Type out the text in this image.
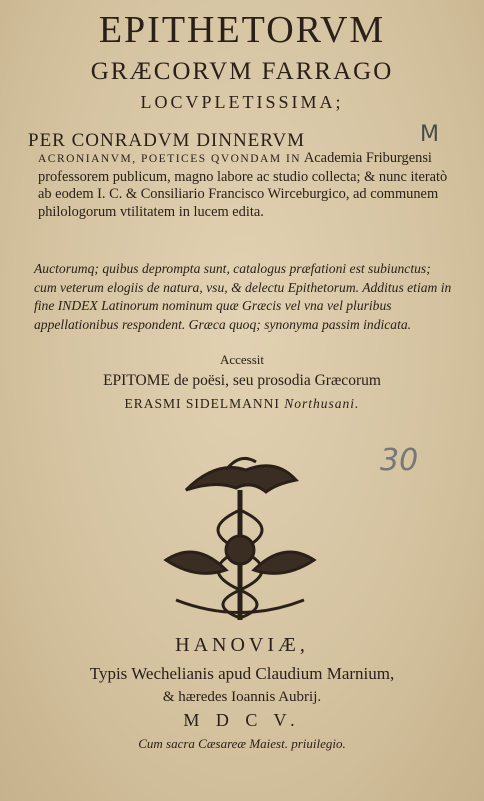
EPITHETORVM
GRÆCORVM FARRAGO
LOCVPLETISSIMA;
PER CONRADVM DINNERVM	M
ACRONIANVM, POETICES QVONDAM IN Academia Friburgensi professorem publicum, magno labore ac studio collecta; & nunc iteratò ab eodem I. C. & Consiliario Francisco Wirceburgico, ad communem philologorum vtilitatem in lucem edita.
Auctorumq; quibus deprompta sunt, catalogus præfationi est subiunctus; cum veterum elogiis de natura, vsu, & delectu Epithetorum. Additus etiam in fine INDEX Latinorum nominum quæ Græcis vel vna vel pluribus appellationibus respondent. Græca quoq; synonyma passim indicata.
Accessit
EPITOME de poësi, seu prosodia Græcorum
ERASMI SIDELMANNI Northusani.
30
HANOVIÆ,
Typis Wechelianis apud Claudium Marnium,
& hæredes Ioannis Aubrij.
M D C V.
Cum sacra Cæsareæ Maiest. priuilegio.
